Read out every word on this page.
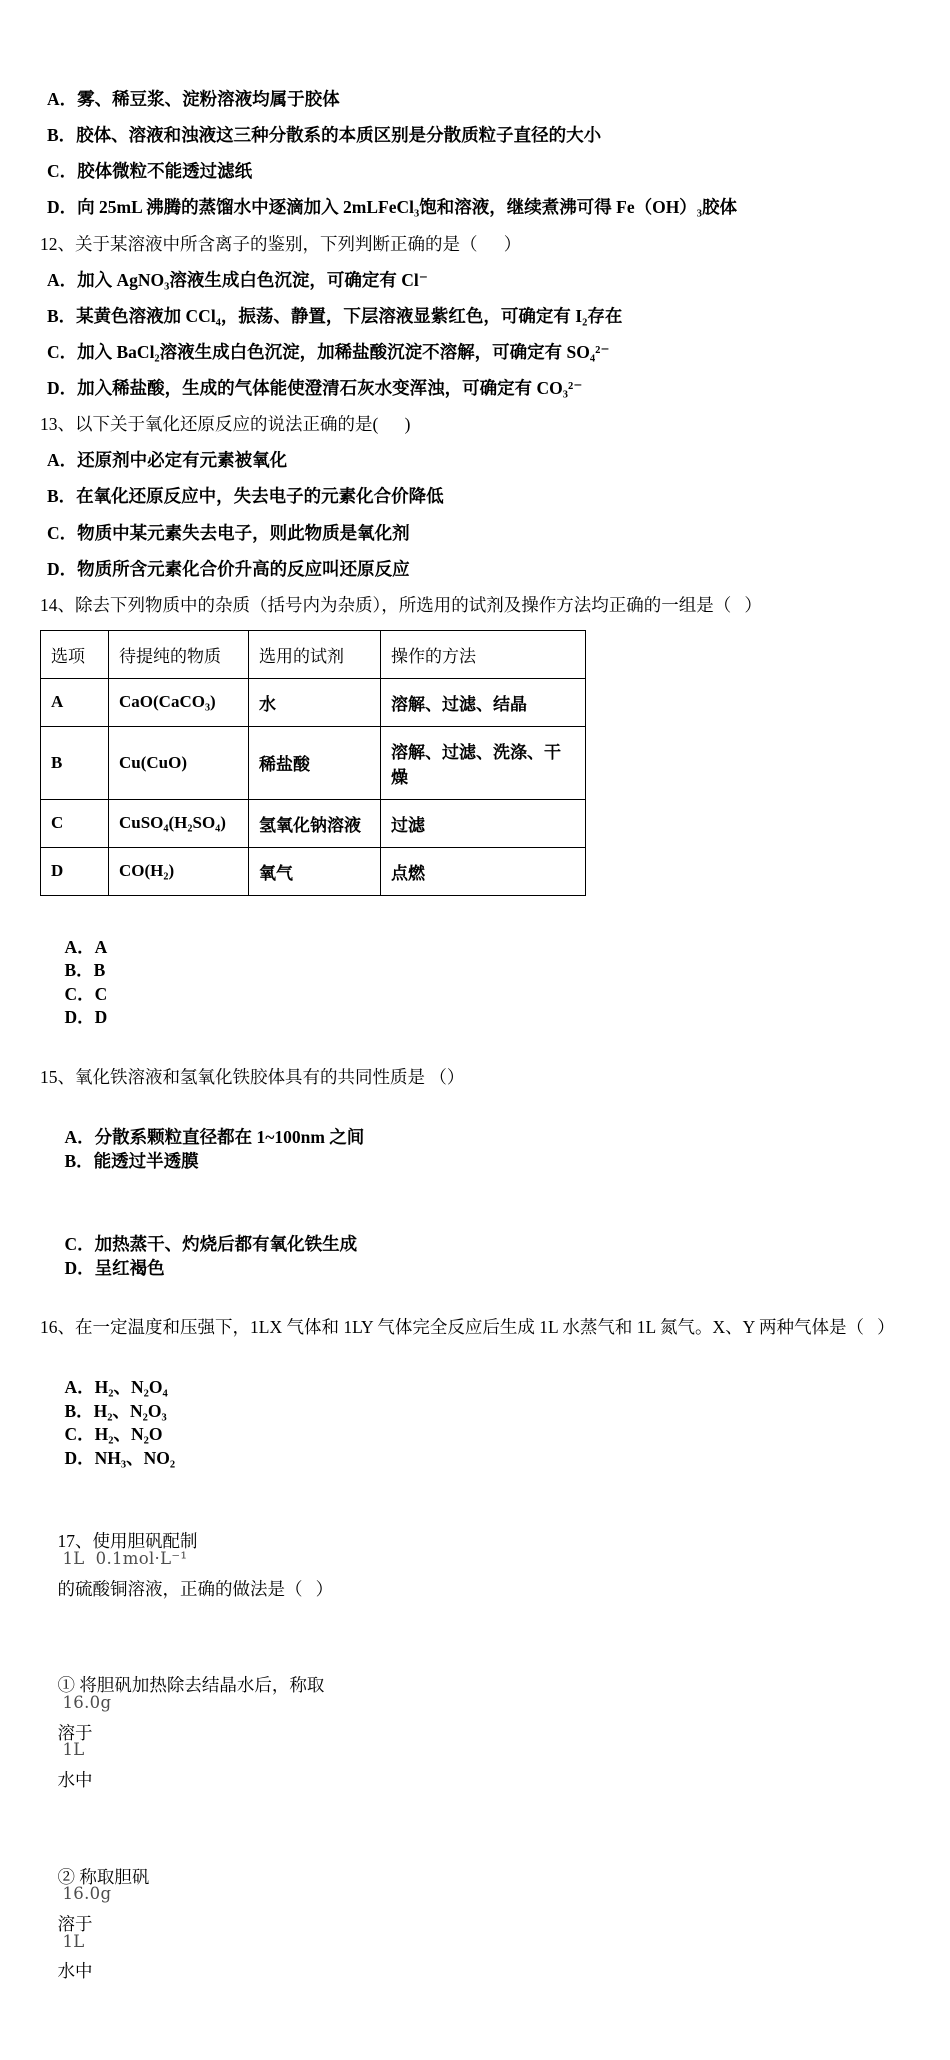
A．雾、稀豆浆、淀粉溶液均属于胶体
B．胶体、溶液和浊液这三种分散系的本质区别是分散质粒子直径的大小
C．胶体微粒不能透过滤纸
D．向 25mL 沸腾的蒸馏水中逐滴加入 2mLFeCl₃饱和溶液，继续煮沸可得 Fe（OH）₃胶体
12、关于某溶液中所含离子的鉴别，下列判断正确的是（      ）
A．加入 AgNO₃溶液生成白色沉淀，可确定有 Cl⁻
B．某黄色溶液加 CCl₄，振荡、静置，下层溶液显紫红色，可确定有 I₂存在
C．加入 BaCl₂溶液生成白色沉淀，加稀盐酸沉淀不溶解，可确定有 SO₄²⁻
D．加入稀盐酸，生成的气体能使澄清石灰水变浑浊，可确定有 CO₃²⁻
13、以下关于氧化还原反应的说法正确的是(      )
A．还原剂中必定有元素被氧化
B．在氧化还原反应中，失去电子的元素化合价降低
C．物质中某元素失去电子，则此物质是氧化剂
D．物质所含元素化合价升高的反应叫还原反应
14、除去下列物质中的杂质（括号内为杂质），所选用的试剂及操作方法均正确的一组是（   ）
选项	待提纯的物质	选用的试剂	操作的方法
A	CaO(CaCO₃)	水	溶解、过滤、结晶
B	Cu(CuO)	稀盐酸	溶解、过滤、洗涤、干燥
C	CuSO₄(H₂SO₄)	氢氧化钠溶液	过滤
D	CO(H₂)	氧气	点燃

A．A
B．B
C．C
D．D

15、氧化铁溶液和氢氧化铁胶体具有的共同性质是 （）

A．分散系颗粒直径都在 1~100nm 之间
B．能透过半透膜

C．加热蒸干、灼烧后都有氧化铁生成
D．呈红褐色

16、在一定温度和压强下，1LX 气体和 1LY 气体完全反应后生成 1L 水蒸气和 1L 氮气。X、Y 两种气体是（   ）

A．H₂、N₂O₄
B．H₂、N₂O₃
C．H₂、N₂O
D．NH₃、NO₂

17、使用胆矾配制
1L  0.1mol·L⁻¹
的硫酸铜溶液，正确的做法是（   ）

① 将胆矾加热除去结晶水后，称取
16.0g
溶于
1L
水中

② 称取胆矾
16.0g
溶于
1L
水中
